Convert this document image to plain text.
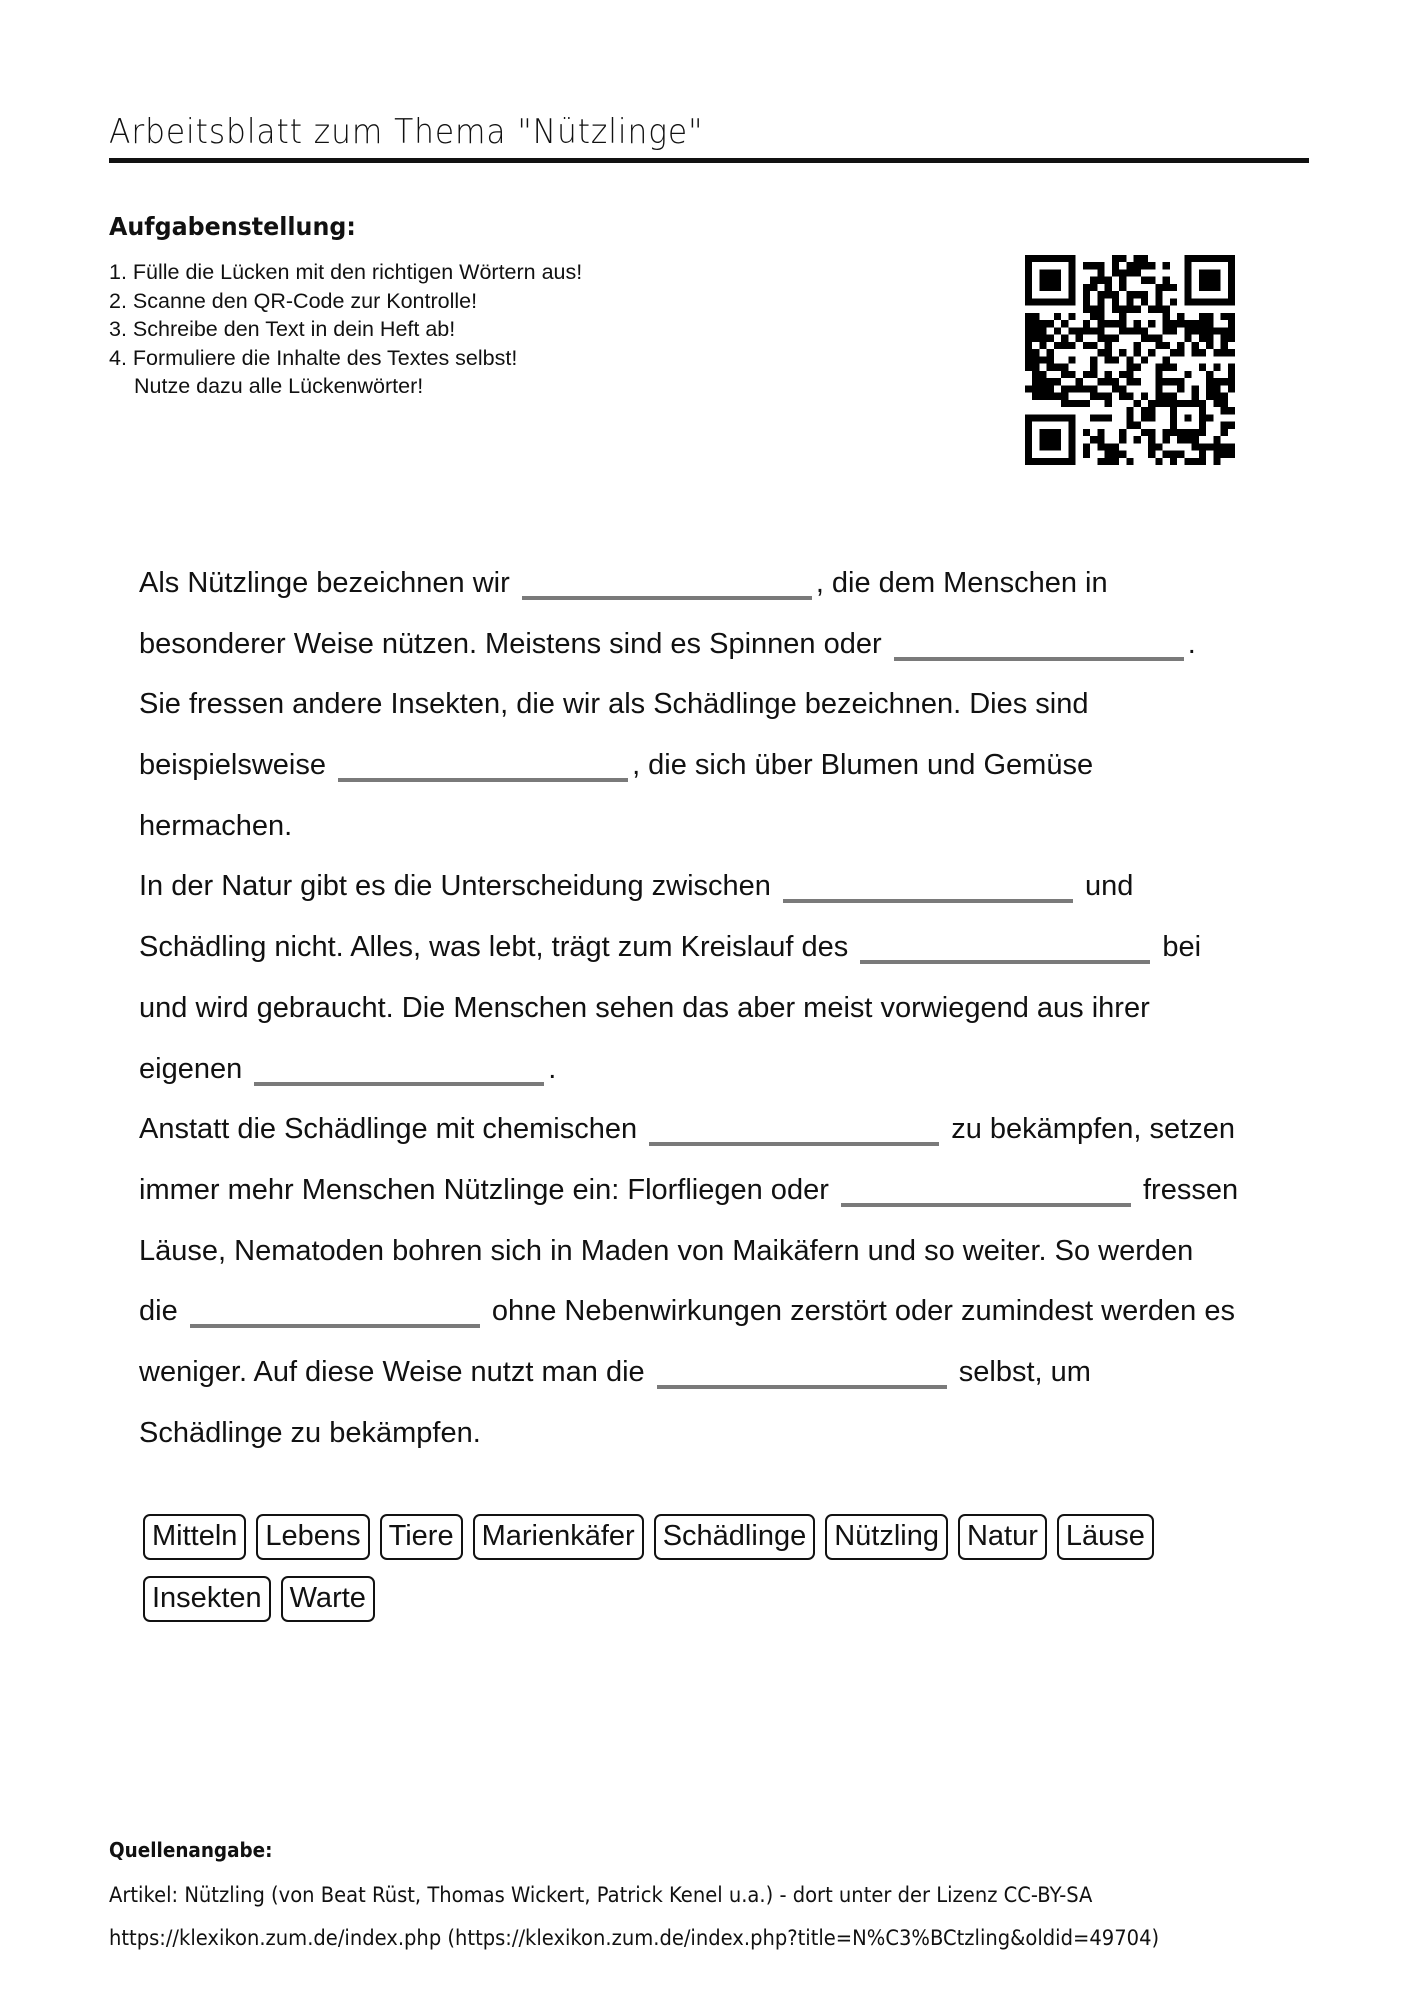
Arbeitsblatt zum Thema "Nützlinge"
Aufgabenstellung:
1. Fülle die Lücken mit den richtigen Wörtern aus!
2. Scanne den QR-Code zur Kontrolle!
3. Schreibe den Text in dein Heft ab!
4. Formuliere die Inhalte des Textes selbst!
Nutze dazu alle Lückenwörter!
Als Nützlinge bezeichnen wir	, die dem Menschen in
besonderer Weise nützen. Meistens sind es Spinnen oder	.
Sie fressen andere Insekten, die wir als Schädlinge bezeichnen. Dies sind
beispielsweise	, die sich über Blumen und Gemüse
hermachen.
In der Natur gibt es die Unterscheidung zwischen	und
Schädling nicht. Alles, was lebt, trägt zum Kreislauf des	bei
und wird gebraucht. Die Menschen sehen das aber meist vorwiegend aus ihrer
eigenen	.
Anstatt die Schädlinge mit chemischen	zu bekämpfen, setzen
immer mehr Menschen Nützlinge ein: Florfliegen oder	fressen
Läuse, Nematoden bohren sich in Maden von Maikäfern und so weiter. So werden
die	ohne Nebenwirkungen zerstört oder zumindest werden es
weniger. Auf diese Weise nutzt man die	selbst, um
Schädlinge zu bekämpfen.
Mitteln Lebens Tiere Marienkäfer Schädlinge Nützling Natur Läuse
Insekten Warte
Quellenangabe:
Artikel: Nützling (von Beat Rüst, Thomas Wickert, Patrick Kenel u.a.) - dort unter der Lizenz CC-BY-SA
https://klexikon.zum.de/index.php (https://klexikon.zum.de/index.php?title=N%C3%BCtzling&oldid=49704)
